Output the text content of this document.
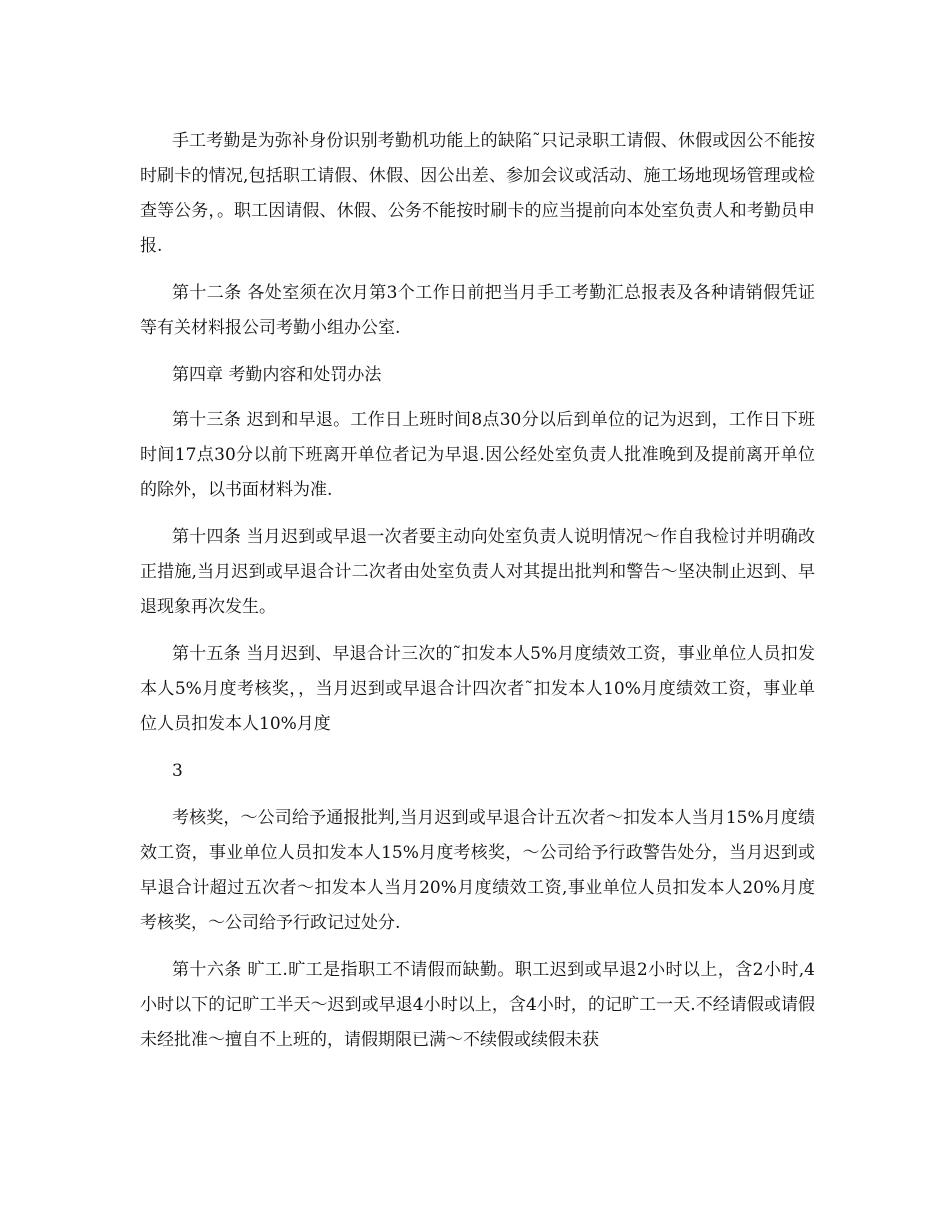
手工考勤是为弥补身份识别考勤机功能上的缺陷˜只记录职工请假、休假或因公不能按时刷卡的情况,包括职工请假、休假、因公出差、参加会议或活动、施工场地现场管理或检查等公务，。职工因请假、休假、公务不能按时刷卡的应当提前向本处室负责人和考勤员申报.

第十二条 各处室须在次月第3个工作日前把当月手工考勤汇总报表及各种请销假凭证等有关材料报公司考勤小组办公室.

第四章 考勤内容和处罚办法

第十三条 迟到和早退。工作日上班时间8点30分以后到单位的记为迟到，工作日下班时间17点30分以前下班离开单位者记为早退.因公经处室负责人批准晚到及提前离开单位的除外，以书面材料为准.

第十四条 当月迟到或早退一次者要主动向处室负责人说明情况～作自我检讨并明确改正措施,当月迟到或早退合计二次者由处室负责人对其提出批判和警告～坚决制止迟到、早退现象再次发生。

第十五条 当月迟到、早退合计三次的˜扣发本人5%月度绩效工资，事业单位人员扣发本人5%月度考核奖，，当月迟到或早退合计四次者˜扣发本人10%月度绩效工资，事业单位人员扣发本人10%月度

3

考核奖，～公司给予通报批判,当月迟到或早退合计五次者～扣发本人当月15%月度绩效工资，事业单位人员扣发本人15%月度考核奖，～公司给予行政警告处分，当月迟到或早退合计超过五次者～扣发本人当月20%月度绩效工资,事业单位人员扣发本人20%月度考核奖，～公司给予行政记过处分.

第十六条 旷工.旷工是指职工不请假而缺勤。职工迟到或早退2小时以上，含2小时,4小时以下的记旷工半天～迟到或早退4小时以上，含4小时，的记旷工一天.不经请假或请假未经批准～擅自不上班的，请假期限已满～不续假或续假未获
